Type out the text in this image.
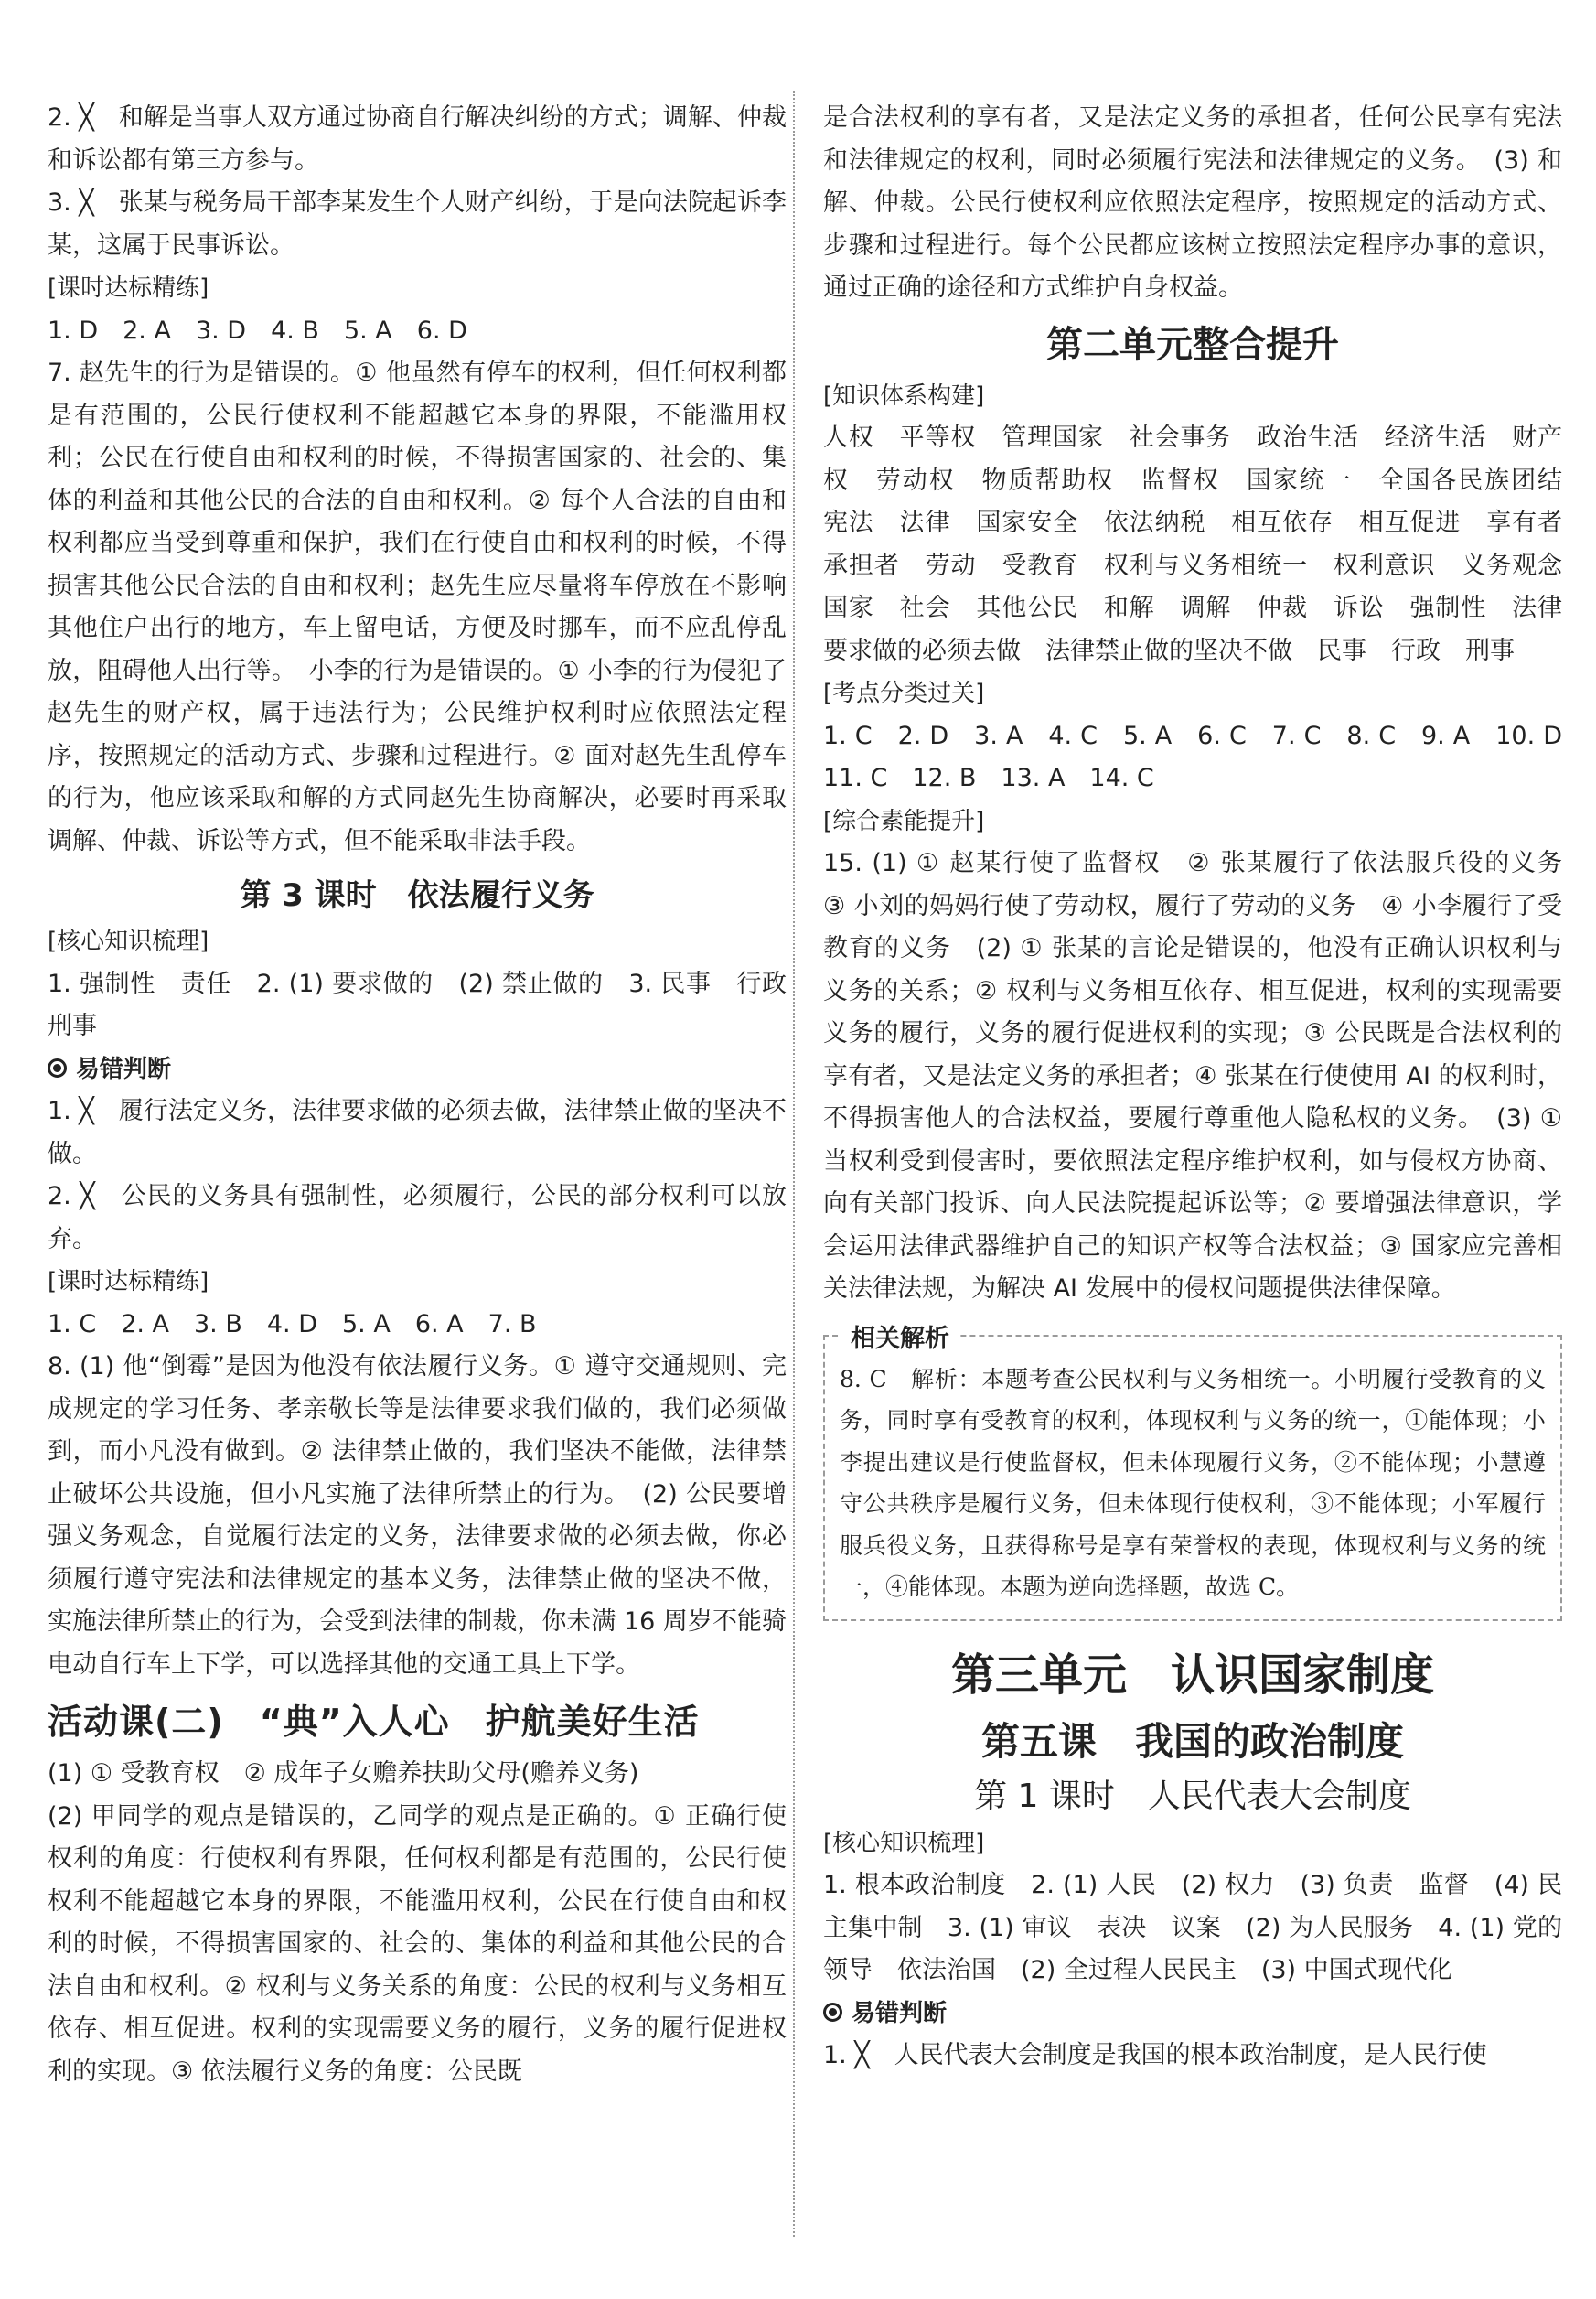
2. ╳　和解是当事人双方通过协商自行解决纠纷的方式；调解、仲裁和诉讼都有第三方参与。

3. ╳　张某与税务局干部李某发生个人财产纠纷，于是向法院起诉李某，这属于民事诉讼。

[课时达标精练]

1. D　2. A　3. D　4. B　5. A　6. D

7. 赵先生的行为是错误的。① 他虽然有停车的权利，但任何权利都是有范围的，公民行使权利不能超越它本身的界限，不能滥用权利；公民在行使自由和权利的时候，不得损害国家的、社会的、集体的利益和其他公民的合法的自由和权利。② 每个人合法的自由和权利都应当受到尊重和保护，我们在行使自由和权利的时候，不得损害其他公民合法的自由和权利；赵先生应尽量将车停放在不影响其他住户出行的地方，车上留电话，方便及时挪车，而不应乱停乱放，阻碍他人出行等。　小李的行为是错误的。① 小李的行为侵犯了赵先生的财产权，属于违法行为；公民维护权利时应依照法定程序，按照规定的活动方式、步骤和过程进行。② 面对赵先生乱停车的行为，他应该采取和解的方式同赵先生协商解决，必要时再采取调解、仲裁、诉讼等方式，但不能采取非法手段。

第 3 课时　依法履行义务

[核心知识梳理]

1. 强制性　责任　2. (1) 要求做的　(2) 禁止做的　3. 民事　行政　刑事

易错判断

1. ╳　履行法定义务，法律要求做的必须去做，法律禁止做的坚决不做。

2. ╳　公民的义务具有强制性，必须履行，公民的部分权利可以放弃。

[课时达标精练]

1. C　2. A　3. B　4. D　5. A　6. A　7. B

8. (1) 他“倒霉”是因为他没有依法履行义务。① 遵守交通规则、完成规定的学习任务、孝亲敬长等是法律要求我们做的，我们必须做到，而小凡没有做到。② 法律禁止做的，我们坚决不能做，法律禁止破坏公共设施，但小凡实施了法律所禁止的行为。　(2) 公民要增强义务观念，自觉履行法定的义务，法律要求做的必须去做，你必须履行遵守宪法和法律规定的基本义务，法律禁止做的坚决不做，实施法律所禁止的行为，会受到法律的制裁，你未满 16 周岁不能骑电动自行车上下学，可以选择其他的交通工具上下学。

活动课(二)　“典”入人心　护航美好生活

(1) ① 受教育权　② 成年子女赡养扶助父母(赡养义务)

(2) 甲同学的观点是错误的，乙同学的观点是正确的。① 正确行使权利的角度：行使权利有界限，任何权利都是有范围的，公民行使权利不能超越它本身的界限，不能滥用权利，公民在行使自由和权利的时候，不得损害国家的、社会的、集体的利益和其他公民的合法自由和权利。② 权利与义务关系的角度：公民的权利与义务相互依存、相互促进。权利的实现需要义务的履行，义务的履行促进权利的实现。③ 依法履行义务的角度：公民既

是合法权利的享有者，又是法定义务的承担者，任何公民享有宪法和法律规定的权利，同时必须履行宪法和法律规定的义务。　(3) 和解、仲裁。公民行使权利应依照法定程序，按照规定的活动方式、步骤和过程进行。每个公民都应该树立按照法定程序办事的意识，通过正确的途径和方式维护自身权益。

第二单元整合提升

[知识体系构建]

人权　平等权　管理国家　社会事务　政治生活　经济生活　财产权　劳动权　物质帮助权　监督权　国家统一　全国各民族团结　宪法　法律　国家安全　依法纳税　相互依存　相互促进　享有者　承担者　劳动　受教育　权利与义务相统一　权利意识　义务观念　国家　社会　其他公民　和解　调解　仲裁　诉讼　强制性　法律要求做的必须去做　法律禁止做的坚决不做　民事　行政　刑事

[考点分类过关]

1. C　2. D　3. A　4. C　5. A　6. C　7. C　8. C　9. A　10. D　11. C　12. B　13. A　14. C

[综合素能提升]

15. (1) ① 赵某行使了监督权　② 张某履行了依法服兵役的义务　③ 小刘的妈妈行使了劳动权，履行了劳动的义务　④ 小李履行了受教育的义务　(2) ① 张某的言论是错误的，他没有正确认识权利与义务的关系；② 权利与义务相互依存、相互促进，权利的实现需要义务的履行，义务的履行促进权利的实现；③ 公民既是合法权利的享有者，又是法定义务的承担者；④ 张某在行使使用 AI 的权利时，不得损害他人的合法权益，要履行尊重他人隐私权的义务。　(3) ① 当权利受到侵害时，要依照法定程序维护权利，如与侵权方协商、向有关部门投诉、向人民法院提起诉讼等；② 要增强法律意识，学会运用法律武器维护自己的知识产权等合法权益；③ 国家应完善相关法律法规，为解决 AI 发展中的侵权问题提供法律保障。

相关解析

8. C　解析：本题考查公民权利与义务相统一。小明履行受教育的义务，同时享有受教育的权利，体现权利与义务的统一，①能体现；小李提出建议是行使监督权，但未体现履行义务，②不能体现；小慧遵守公共秩序是履行义务，但未体现行使权利，③不能体现；小军履行服兵役义务，且获得称号是享有荣誉权的表现，体现权利与义务的统一，④能体现。本题为逆向选择题，故选 C。

第三单元　认识国家制度
第五课　我国的政治制度
第 1 课时　人民代表大会制度

[核心知识梳理]

1. 根本政治制度　2. (1) 人民　(2) 权力　(3) 负责　监督　(4) 民主集中制　3. (1) 审议　表决　议案　(2) 为人民服务　4. (1) 党的领导　依法治国　(2) 全过程人民民主　(3) 中国式现代化

易错判断

1. ╳　人民代表大会制度是我国的根本政治制度，是人民行使
